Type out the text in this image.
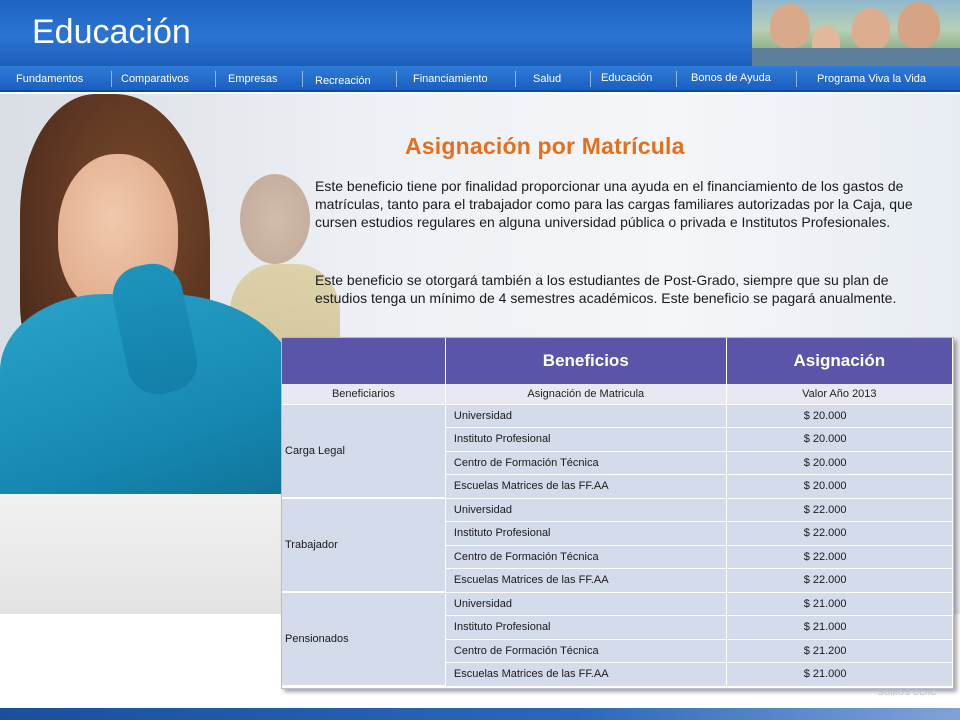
Educación
Fundamentos	Comparativos	Empresas	Recreación	Financiamiento	Salud	Educación	Bonos de Ayuda	Programa Viva la Vida
Asignación por Matrícula
Este beneficio tiene por finalidad proporcionar una ayuda en el financiamiento de los gastos de matrículas, tanto para el trabajador como para las cargas familiares autorizadas por la Caja, que cursen estudios regulares en alguna universidad pública o privada e Institutos Profesionales.
Este beneficio se otorgará también a los estudiantes de Post-Grado, siempre que su plan de estudios tenga un mínimo de 4 semestres académicos. Este beneficio se pagará anualmente.
	Beneficios	Asignación
Beneficiarios	Asignación de Matricula	Valor Año 2013
Carga Legal	Universidad	$ 20.000
	Instituto Profesional	$ 20.000
	Centro de Formación Técnica	$ 20.000
	Escuelas Matrices de las FF.AA	$ 20.000
Trabajador	Universidad	$ 22.000
	Instituto Profesional	$ 22.000
	Centro de Formación Técnica	$ 22.000
	Escuelas Matrices de las FF.AA	$ 22.000
Pensionados	Universidad	$ 21.000
	Instituto Profesional	$ 21.000
	Centro de Formación Técnica	$ 21.200
	Escuelas Matrices de las FF.AA	$ 21.000
SOMOS CChC
